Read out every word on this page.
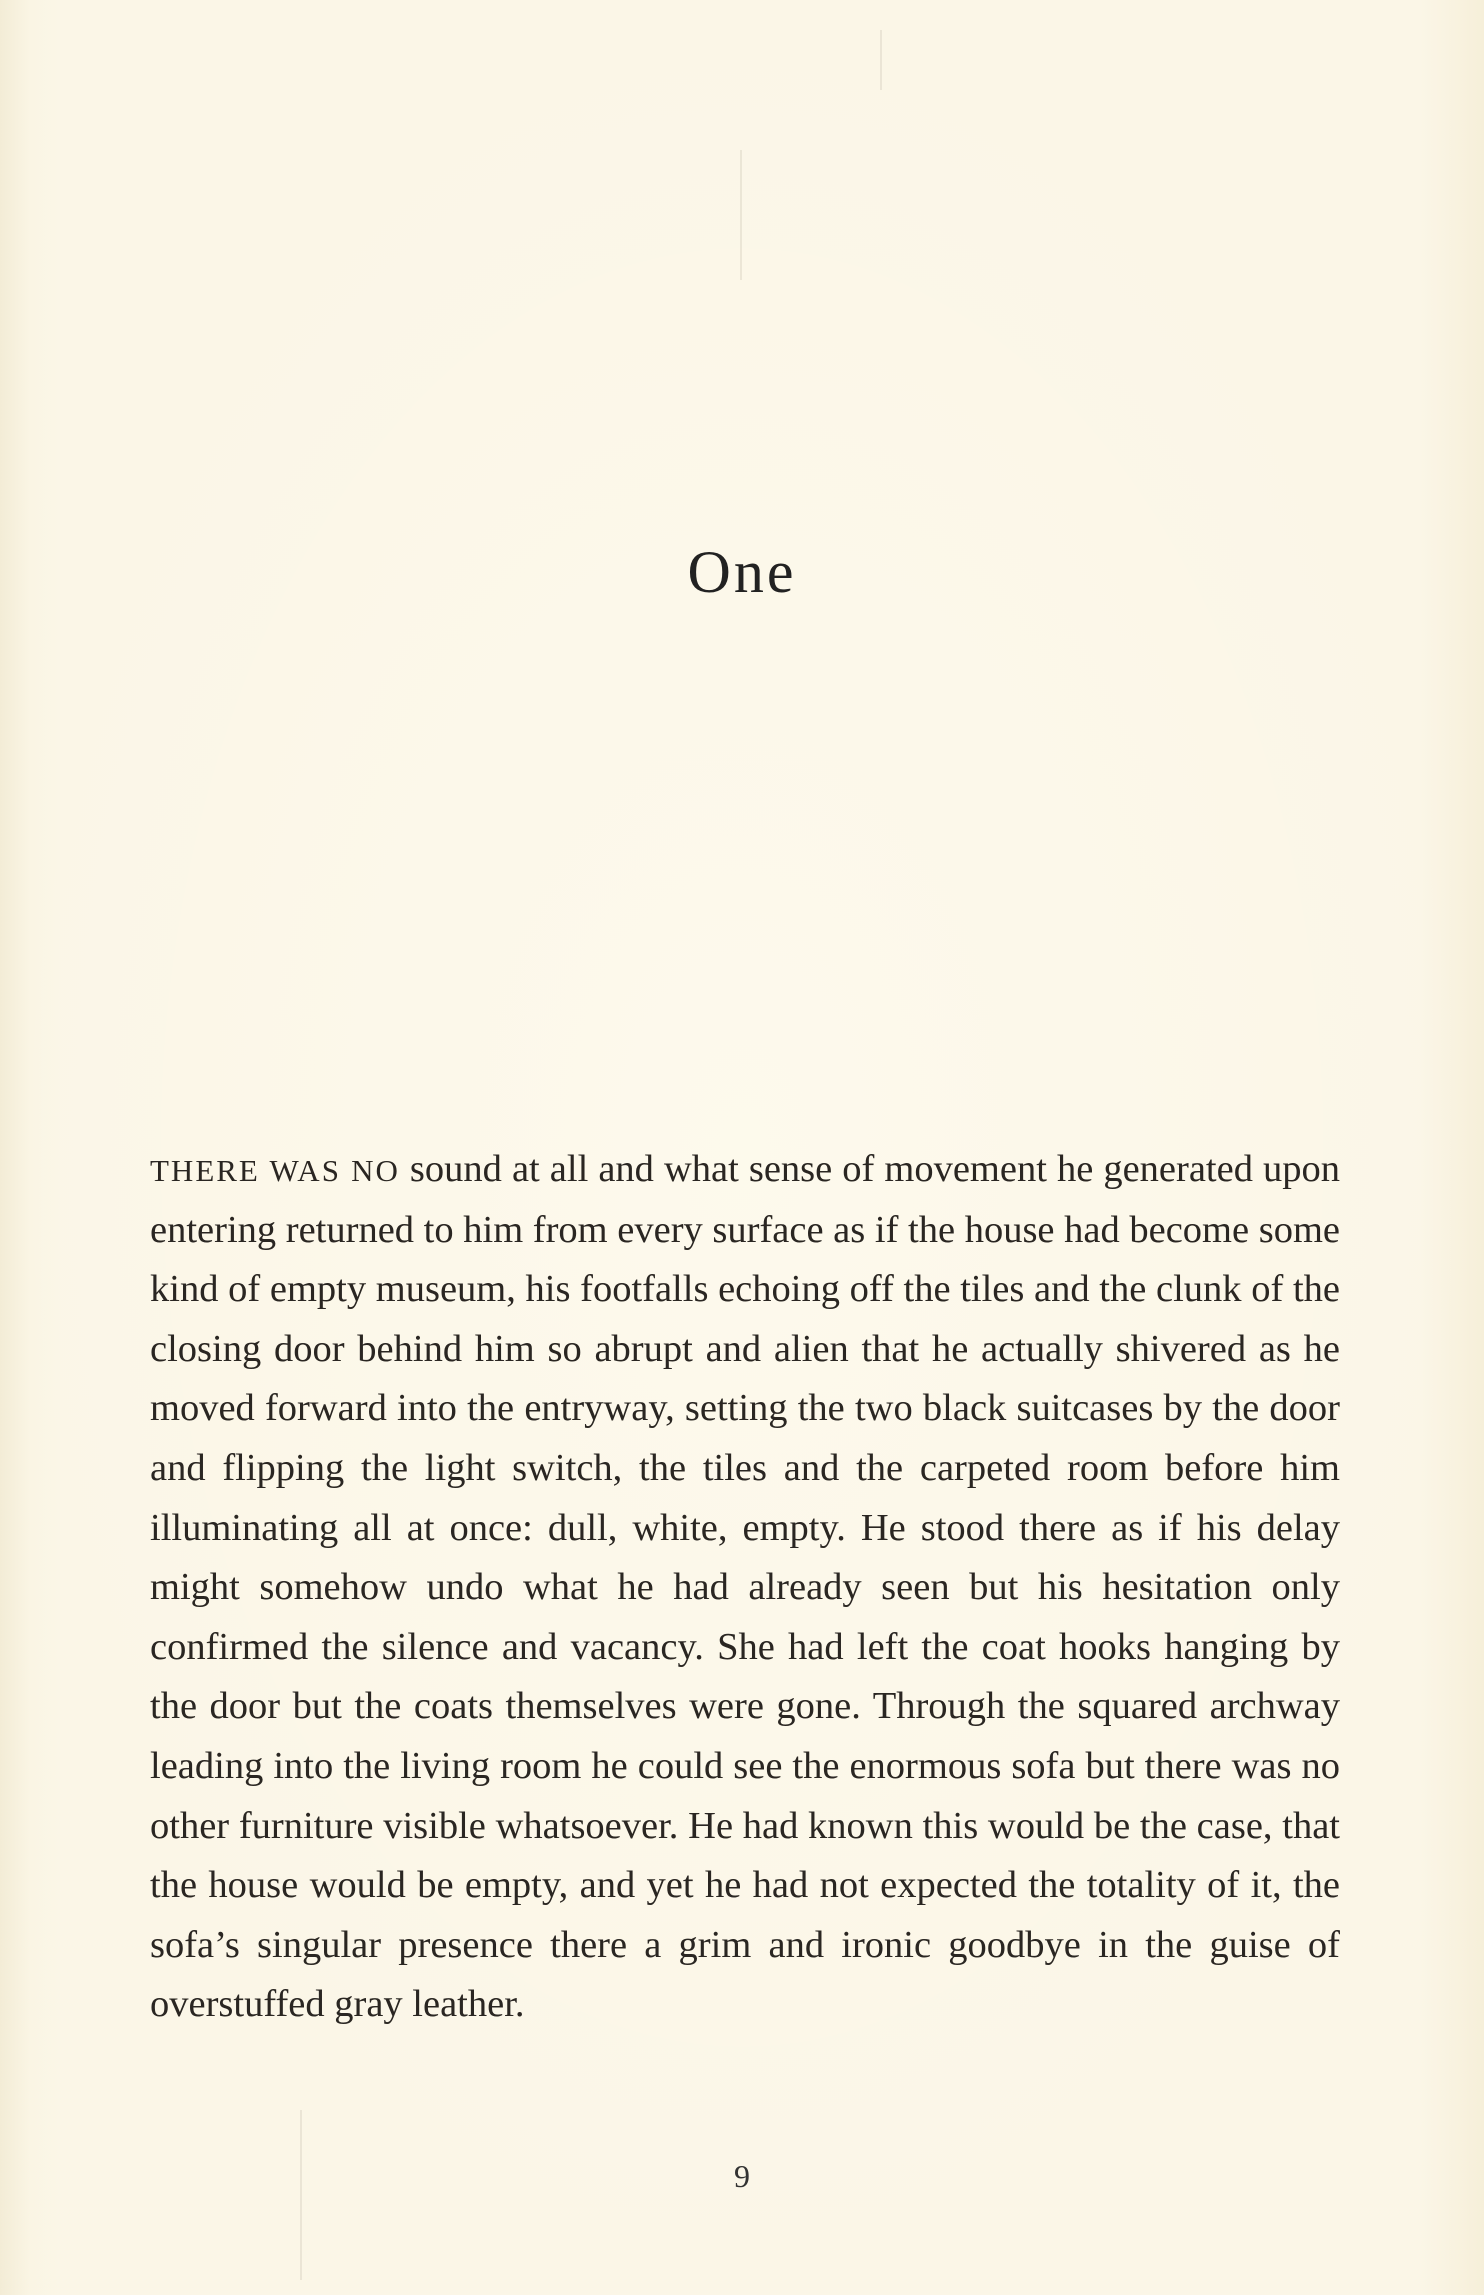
One

THERE WAS NO sound at all and what sense of movement he generated upon entering returned to him from every surface as if the house had become some kind of empty museum, his footfalls echoing off the tiles and the clunk of the closing door behind him so abrupt and alien that he actually shivered as he moved forward into the entryway, setting the two black suitcases by the door and flipping the light switch, the tiles and the carpeted room before him illuminating all at once: dull, white, empty. He stood there as if his delay might somehow undo what he had already seen but his hesitation only confirmed the silence and vacancy. She had left the coat hooks hanging by the door but the coats themselves were gone. Through the squared archway leading into the living room he could see the enormous sofa but there was no other furniture visible whatsoever. He had known this would be the case, that the house would be empty, and yet he had not expected the totality of it, the sofa’s singular presence there a grim and ironic goodbye in the guise of overstuffed gray leather.

9
